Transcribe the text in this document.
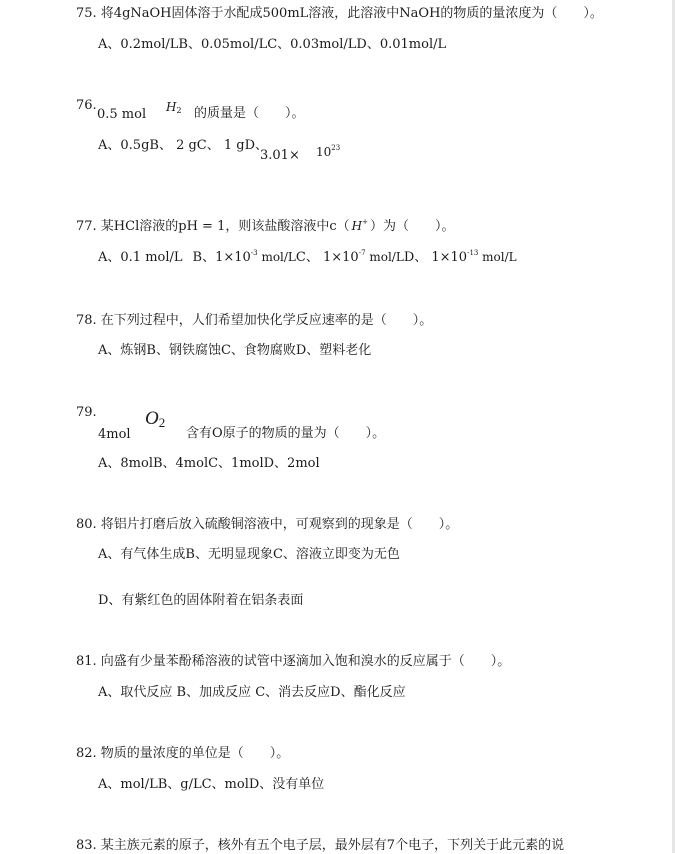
75. 将4gNaOH固体溶于水配成500mL溶液，此溶液中NaOH的物质的量浓度为（　　）。
A、0.2mol/LB、0.05mol/LC、0.03mol/LD、0.01mol/L
76.
0.5 mol $H_2$ 的质量是（　　）。
A、0.5gB、 2 gC、 1 gD、
$3.01\times 10^{23}$
77. 某HCl溶液的pH = 1，则该盐酸溶液中c（ H+ ）为（　　）。
A、0.1 mol/L B、$1\times 10^{-3}$ mol/LC、 $1\times 10^{-7}$ mol/LD、 $1\times 10^{-13}$ mol/L
78. 在下列过程中，人们希望加快化学反应速率的是（　　）。
A、炼钢B、钢铁腐蚀C、食物腐败D、塑料老化
79.
4mol
$O_2$
含有O原子的物质的量为（　　）。
A、8molB、4molC、1molD、2mol
80. 将铝片打磨后放入硫酸铜溶液中，可观察到的现象是（　　）。
A、有气体生成B、无明显现象C、溶液立即变为无色
D、有紫红色的固体附着在铝条表面
81. 向盛有少量苯酚稀溶液的试管中逐滴加入饱和溴水的反应属于（　　）。
A、取代反应 B、加成反应 C、消去反应D、酯化反应
82. 物质的量浓度的单位是（　　）。
A、mol/LB、g/LC、molD、没有单位
83. 某主族元素的原子，核外有五个电子层，最外层有7个电子，下列关于此元素的说
